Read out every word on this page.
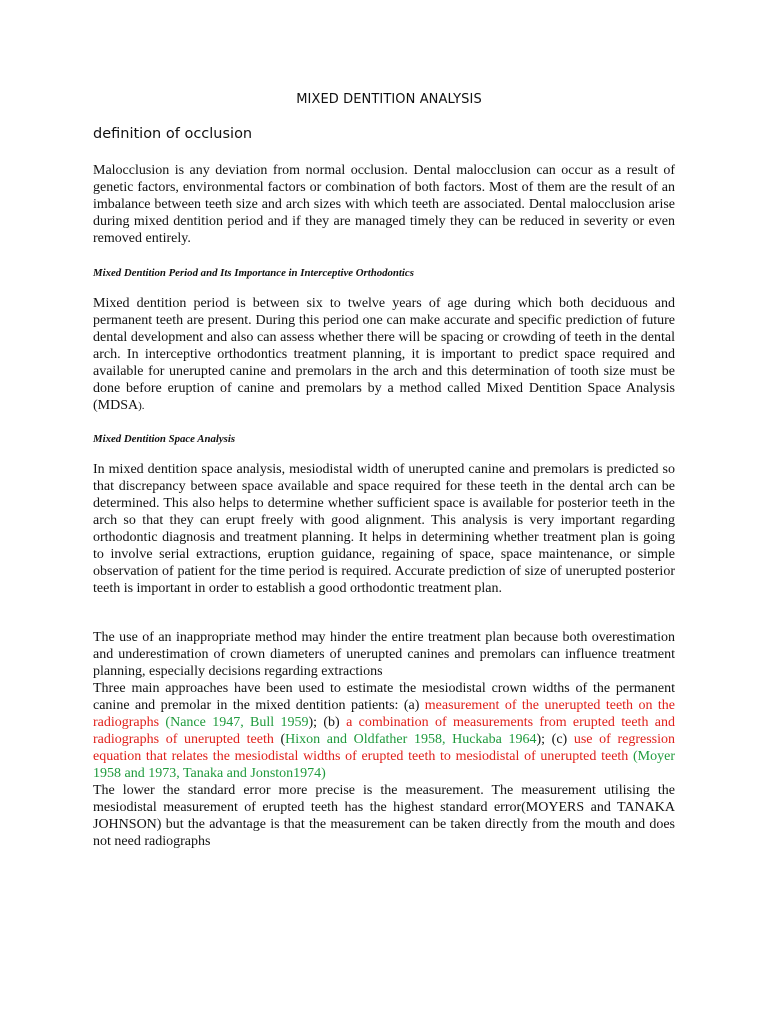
MIXED DENTITION ANALYSIS
definition of occlusion

Malocclusion is any deviation from normal occlusion. Dental malocclusion can occur as a result of genetic factors, environmental factors or combination of both factors. Most of them are the result of an imbalance between teeth size and arch sizes with which teeth are associated. Dental malocclusion arise during mixed dentition period and if they are managed timely they can be reduced in severity or even removed entirely.

Mixed Dentition Period and Its Importance in Interceptive Orthodontics

Mixed dentition period is between six to twelve years of age during which both deciduous and permanent teeth are present. During this period one can make accurate and specific prediction of future dental development and also can assess whether there will be spacing or crowding of teeth in the dental arch. In interceptive orthodontics treatment planning, it is important to predict space required and available for unerupted canine and premolars in the arch and this determination of tooth size must be done before eruption of canine and premolars by a method called Mixed Dentition Space Analysis (MDSA).

Mixed Dentition Space Analysis

In mixed dentition space analysis, mesiodistal width of unerupted canine and premolars is predicted so that discrepancy between space available and space required for these teeth in the dental arch can be determined. This also helps to determine whether sufficient space is available for posterior teeth in the arch so that they can erupt freely with good alignment. This analysis is very important regarding orthodontic diagnosis and treatment planning. It helps in determining whether treatment plan is going to involve serial extractions, eruption guidance, regaining of space, space maintenance, or simple observation of patient for the time period is required. Accurate prediction of size of unerupted posterior teeth is important in order to establish a good orthodontic treatment plan.

The use of an inappropriate method may hinder the entire treatment plan because both overestimation and underestimation of crown diameters of unerupted canines and premolars can influence treatment planning, especially decisions regarding extractions

Three main approaches have been used to estimate the mesiodistal crown widths of the permanent canine and premolar in the mixed dentition patients: (a) measurement of the unerupted teeth on the radiographs (Nance 1947, Bull 1959); (b) a combination of measurements from erupted teeth and radiographs of unerupted teeth (Hixon and Oldfather 1958, Huckaba 1964); (c) use of regression equation that relates the mesiodistal widths of erupted teeth to mesiodistal of unerupted teeth (Moyer 1958 and 1973, Tanaka and Jonston1974)

The lower the standard error more precise is the measurement. The measurement utilising the mesiodistal measurement of erupted teeth has the highest standard error(MOYERS and TANAKA JOHNSON) but the advantage is that the measurement can be taken directly from the mouth and does not need radiographs
